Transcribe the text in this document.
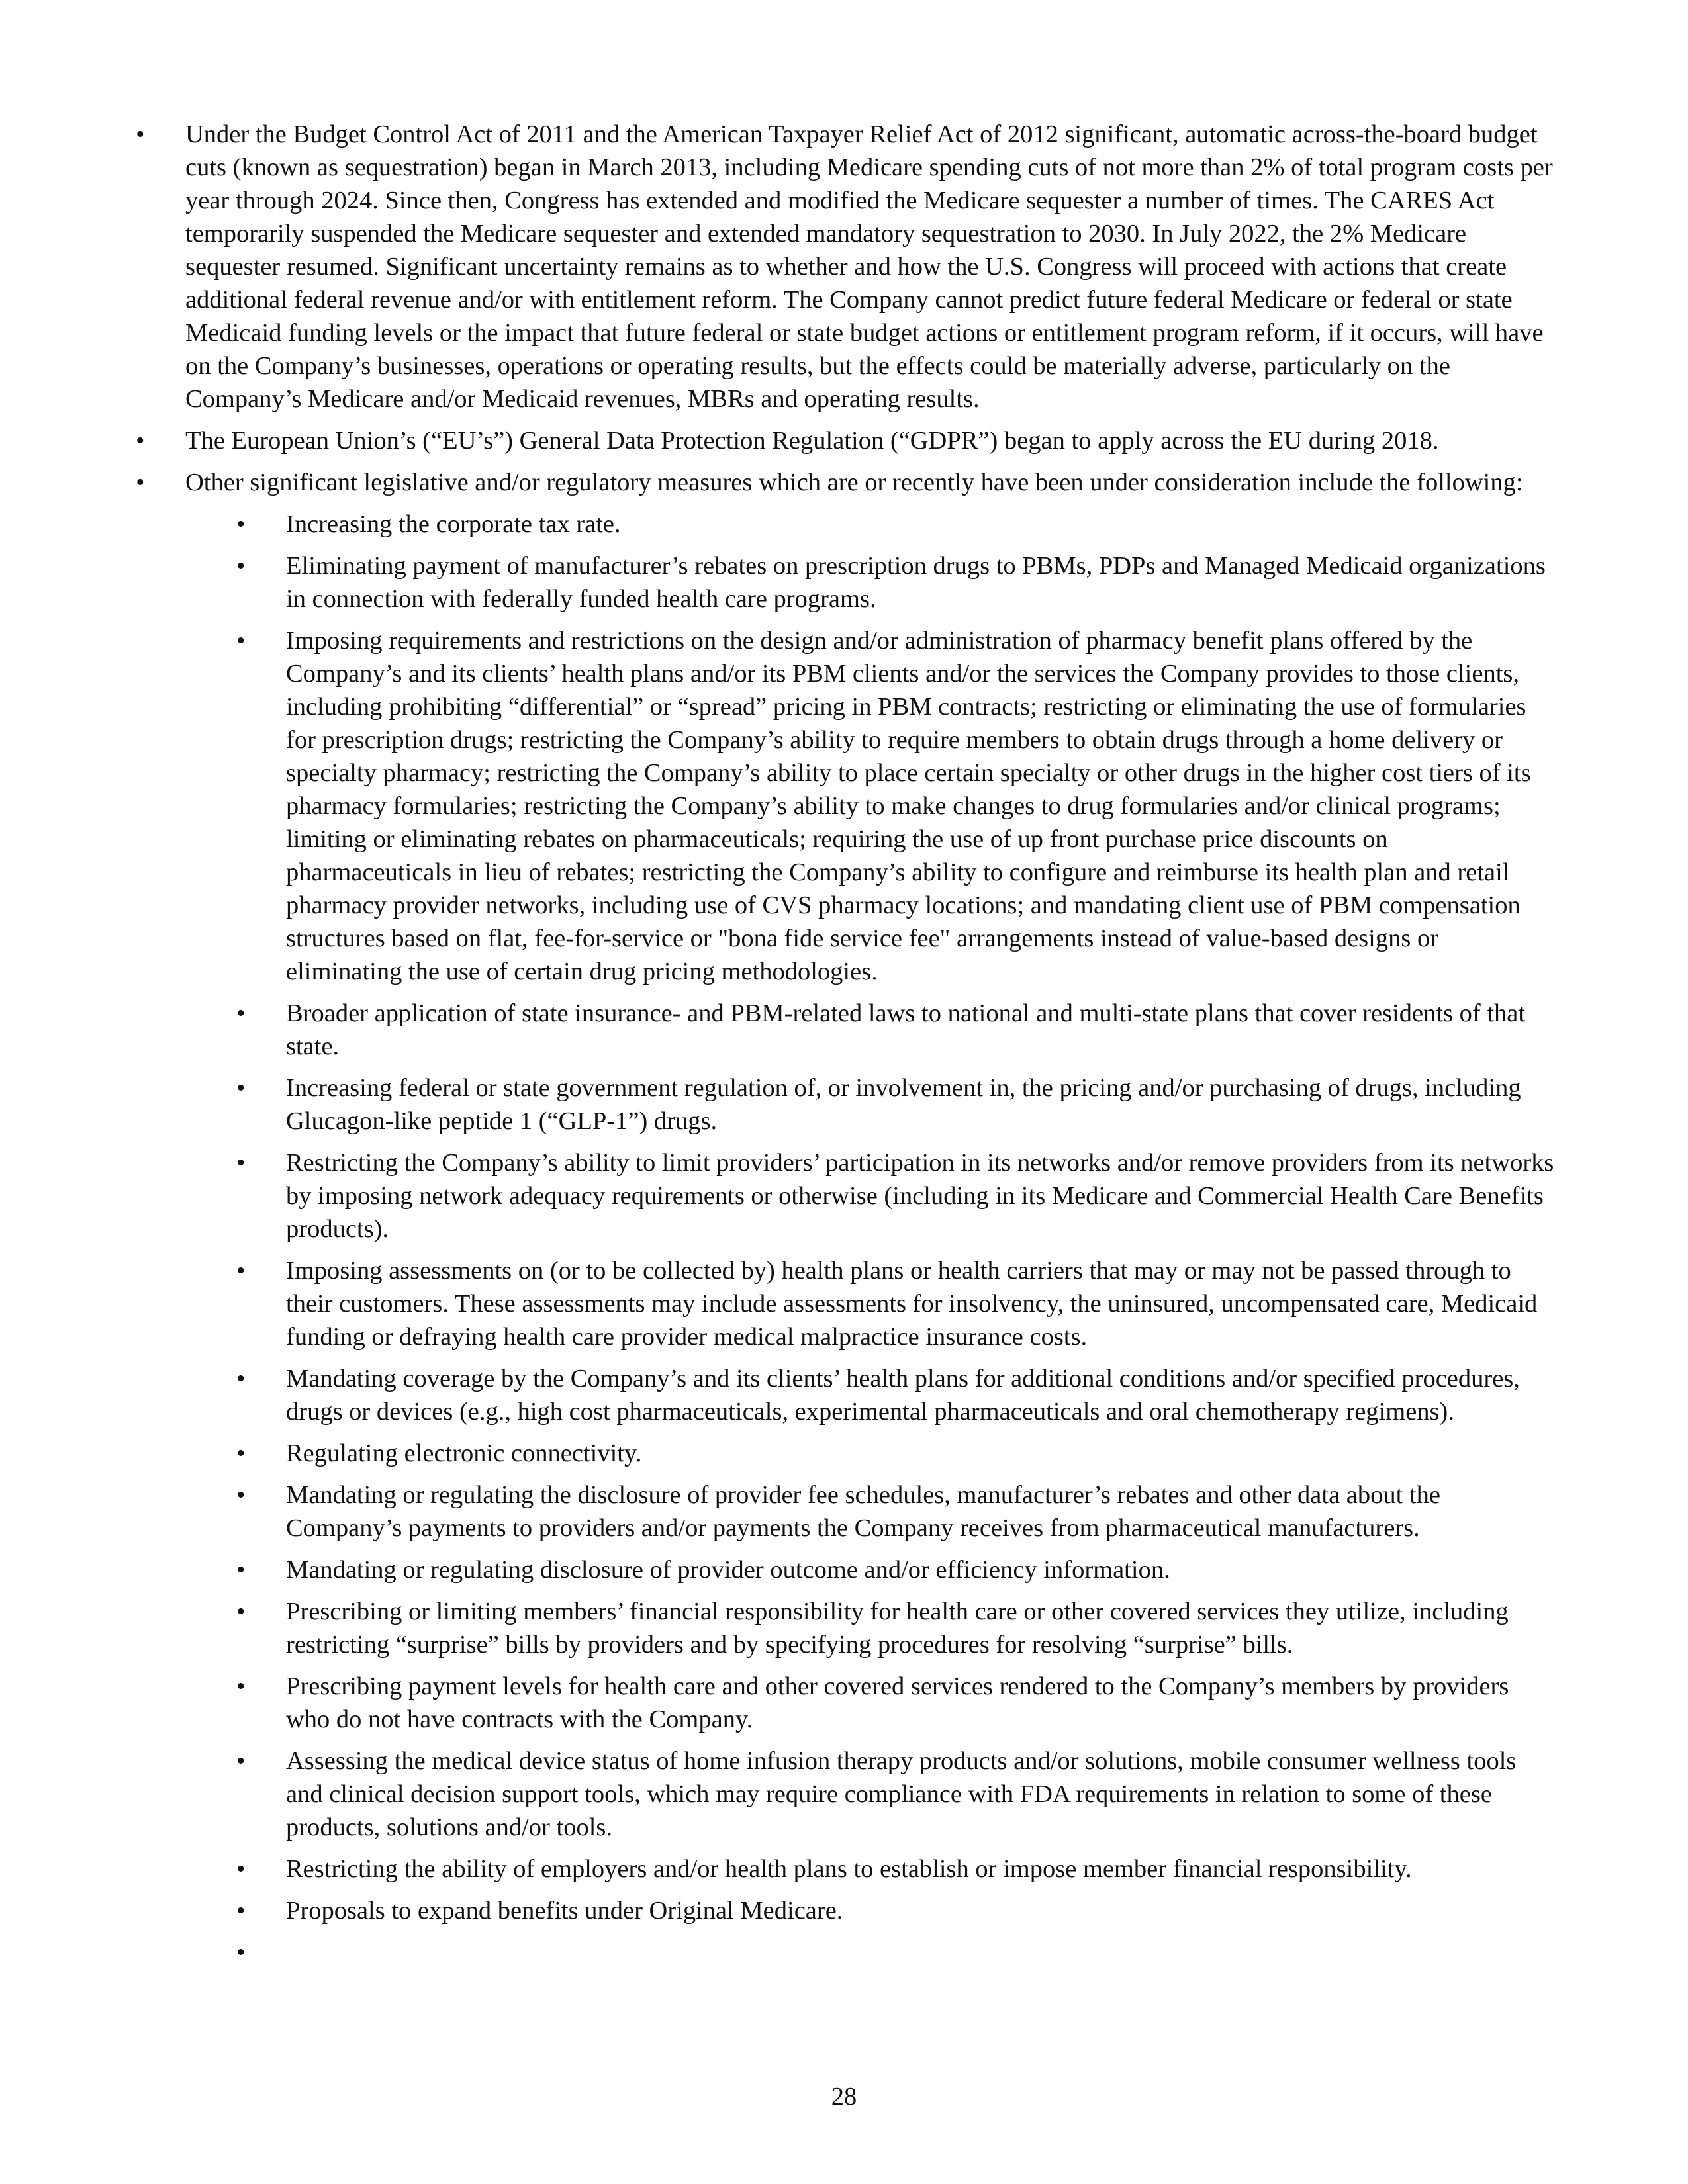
•	Under the Budget Control Act of 2011 and the American Taxpayer Relief Act of 2012 significant, automatic across-the-board budget cuts (known as sequestration) began in March 2013, including Medicare spending cuts of not more than 2% of total program costs per year through 2024. Since then, Congress has extended and modified the Medicare sequester a number of times. The CARES Act temporarily suspended the Medicare sequester and extended mandatory sequestration to 2030. In July 2022, the 2% Medicare sequester resumed. Significant uncertainty remains as to whether and how the U.S. Congress will proceed with actions that create additional federal revenue and/or with entitlement reform. The Company cannot predict future federal Medicare or federal or state Medicaid funding levels or the impact that future federal or state budget actions or entitlement program reform, if it occurs, will have on the Company’s businesses, operations or operating results, but the effects could be materially adverse, particularly on the Company’s Medicare and/or Medicaid revenues, MBRs and operating results.
•	The European Union’s (“EU’s”) General Data Protection Regulation (“GDPR”) began to apply across the EU during 2018.
•	Other significant legislative and/or regulatory measures which are or recently have been under consideration include the following:
•	Increasing the corporate tax rate.
•	Eliminating payment of manufacturer’s rebates on prescription drugs to PBMs, PDPs and Managed Medicaid organizations in connection with federally funded health care programs.
•	Imposing requirements and restrictions on the design and/or administration of pharmacy benefit plans offered by the Company’s and its clients’ health plans and/or its PBM clients and/or the services the Company provides to those clients, including prohibiting “differential” or “spread” pricing in PBM contracts; restricting or eliminating the use of formularies for prescription drugs; restricting the Company’s ability to require members to obtain drugs through a home delivery or specialty pharmacy; restricting the Company’s ability to place certain specialty or other drugs in the higher cost tiers of its pharmacy formularies; restricting the Company’s ability to make changes to drug formularies and/or clinical programs; limiting or eliminating rebates on pharmaceuticals; requiring the use of up front purchase price discounts on pharmaceuticals in lieu of rebates; restricting the Company’s ability to configure and reimburse its health plan and retail pharmacy provider networks, including use of CVS pharmacy locations; and mandating client use of PBM compensation structures based on flat, fee-for-service or "bona fide service fee" arrangements instead of value-based designs or eliminating the use of certain drug pricing methodologies.
•	Broader application of state insurance- and PBM-related laws to national and multi-state plans that cover residents of that state.
•	Increasing federal or state government regulation of, or involvement in, the pricing and/or purchasing of drugs, including Glucagon-like peptide 1 (“GLP-1”) drugs.
•	Restricting the Company’s ability to limit providers’ participation in its networks and/or remove providers from its networks by imposing network adequacy requirements or otherwise (including in its Medicare and Commercial Health Care Benefits products).
•	Imposing assessments on (or to be collected by) health plans or health carriers that may or may not be passed through to their customers. These assessments may include assessments for insolvency, the uninsured, uncompensated care, Medicaid funding or defraying health care provider medical malpractice insurance costs.
•	Mandating coverage by the Company’s and its clients’ health plans for additional conditions and/or specified procedures, drugs or devices (e.g., high cost pharmaceuticals, experimental pharmaceuticals and oral chemotherapy regimens).
•	Regulating electronic connectivity.
•	Mandating or regulating the disclosure of provider fee schedules, manufacturer’s rebates and other data about the Company’s payments to providers and/or payments the Company receives from pharmaceutical manufacturers.
•	Mandating or regulating disclosure of provider outcome and/or efficiency information.
•	Prescribing or limiting members’ financial responsibility for health care or other covered services they utilize, including restricting “surprise” bills by providers and by specifying procedures for resolving “surprise” bills.
•	Prescribing payment levels for health care and other covered services rendered to the Company’s members by providers who do not have contracts with the Company.
•	Assessing the medical device status of home infusion therapy products and/or solutions, mobile consumer wellness tools and clinical decision support tools, which may require compliance with FDA requirements in relation to some of these products, solutions and/or tools.
•	Restricting the ability of employers and/or health plans to establish or impose member financial responsibility.
•	Proposals to expand benefits under Original Medicare.
•
28
